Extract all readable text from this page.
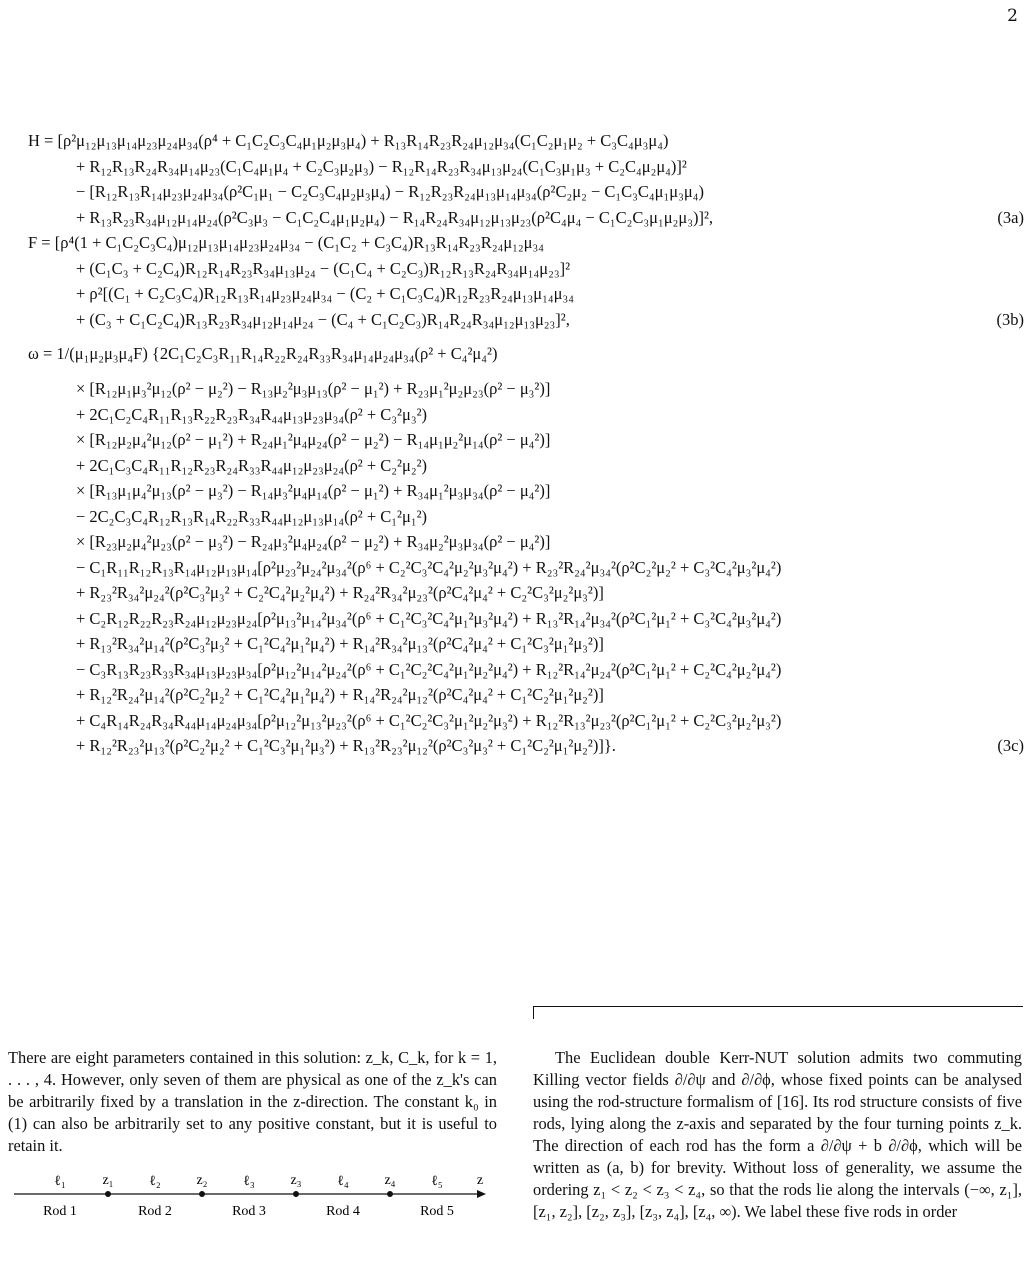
2
H = [ρ²μ₁₂μ₁₃μ₁₄μ₂₃μ₂₄μ₃₄(ρ⁴ + C₁C₂C₃C₄μ₁μ₂μ₃μ₄) + R₁₃R₁₄R₂₃R₂₄μ₁₂μ₃₄(C₁C₂μ₁μ₂ + C₃C₄μ₃μ₄)
+ R₁₂R₁₃R₂₄R₃₄μ₁₄μ₂₃(C₁C₄μ₁μ₄ + C₂C₃μ₂μ₃) − R₁₂R₁₄R₂₃R₃₄μ₁₃μ₂₄(C₁C₃μ₁μ₃ + C₂C₄μ₂μ₄)]²
− [R₁₂R₁₃R₁₄μ₂₃μ₂₄μ₃₄(ρ²C₁μ₁ − C₂C₃C₄μ₂μ₃μ₄) − R₁₂R₂₃R₂₄μ₁₃μ₁₄μ₃₄(ρ²C₂μ₂ − C₁C₃C₄μ₁μ₃μ₄)
+ R₁₃R₂₃R₃₄μ₁₂μ₁₄μ₂₄(ρ²C₃μ₃ − C₁C₂C₄μ₁μ₂μ₄) − R₁₄R₂₄R₃₄μ₁₂μ₁₃μ₂₃(ρ²C₄μ₄ − C₁C₂C₃μ₁μ₂μ₃)]²,	(3a)
F = [ρ⁴(1 + C₁C₂C₃C₄)μ₁₂μ₁₃μ₁₄μ₂₃μ₂₄μ₃₄ − (C₁C₂ + C₃C₄)R₁₃R₁₄R₂₃R₂₄μ₁₂μ₃₄
+ (C₁C₃ + C₂C₄)R₁₂R₁₄R₂₃R₃₄μ₁₃μ₂₄ − (C₁C₄ + C₂C₃)R₁₂R₁₃R₂₄R₃₄μ₁₄μ₂₃]²
+ ρ²[(C₁ + C₂C₃C₄)R₁₂R₁₃R₁₄μ₂₃μ₂₄μ₃₄ − (C₂ + C₁C₃C₄)R₁₂R₂₃R₂₄μ₁₃μ₁₄μ₃₄
+ (C₃ + C₁C₂C₄)R₁₃R₂₃R₃₄μ₁₂μ₁₄μ₂₄ − (C₄ + C₁C₂C₃)R₁₄R₂₄R₃₄μ₁₂μ₁₃μ₂₃]²,	(3b)
ω = 1/(μ₁μ₂μ₃μ₄F) {2C₁C₂C₃R₁₁R₁₄R₂₂R₂₄R₃₃R₃₄μ₁₄μ₂₄μ₃₄(ρ² + C₄²μ₄²)
× [R₁₂μ₁μ₃²μ₁₂(ρ² − μ₂²) − R₁₃μ₂²μ₃μ₁₃(ρ² − μ₁²) + R₂₃μ₁²μ₂μ₂₃(ρ² − μ₃²)]
+ 2C₁C₂C₄R₁₁R₁₃R₂₂R₂₃R₃₄R₄₄μ₁₃μ₂₃μ₃₄(ρ² + C₃²μ₃²)
× [R₁₂μ₂μ₄²μ₁₂(ρ² − μ₁²) + R₂₄μ₁²μ₄μ₂₄(ρ² − μ₂²) − R₁₄μ₁μ₂²μ₁₄(ρ² − μ₄²)]
+ 2C₁C₃C₄R₁₁R₁₂R₂₃R₂₄R₃₃R₄₄μ₁₂μ₂₃μ₂₄(ρ² + C₂²μ₂²)
× [R₁₃μ₁μ₄²μ₁₃(ρ² − μ₃²) − R₁₄μ₃²μ₄μ₁₄(ρ² − μ₁²) + R₃₄μ₁²μ₃μ₃₄(ρ² − μ₄²)]
− 2C₂C₃C₄R₁₂R₁₃R₁₄R₂₂R₃₃R₄₄μ₁₂μ₁₃μ₁₄(ρ² + C₁²μ₁²)
× [R₂₃μ₂μ₄²μ₂₃(ρ² − μ₃²) − R₂₄μ₃²μ₄μ₂₄(ρ² − μ₂²) + R₃₄μ₂²μ₃μ₃₄(ρ² − μ₄²)]
− C₁R₁₁R₁₂R₁₃R₁₄μ₁₂μ₁₃μ₁₄[ρ²μ₂₃²μ₂₄²μ₃₄²(ρ⁶ + C₂²C₃²C₄²μ₂²μ₃²μ₄²) + R₂₃²R₂₄²μ₃₄²(ρ²C₂²μ₂² + C₃²C₄²μ₃²μ₄²)
+ R₂₃²R₃₄²μ₂₄²(ρ²C₃²μ₃² + C₂²C₄²μ₂²μ₄²) + R₂₄²R₃₄²μ₂₃²(ρ²C₄²μ₄² + C₂²C₃²μ₂²μ₃²)]
+ C₂R₁₂R₂₂R₂₃R₂₄μ₁₂μ₂₃μ₂₄[ρ²μ₁₃²μ₁₄²μ₃₄²(ρ⁶ + C₁²C₃²C₄²μ₁²μ₃²μ₄²) + R₁₃²R₁₄²μ₃₄²(ρ²C₁²μ₁² + C₃²C₄²μ₃²μ₄²)
+ R₁₃²R₃₄²μ₁₄²(ρ²C₃²μ₃² + C₁²C₄²μ₁²μ₄²) + R₁₄²R₃₄²μ₁₃²(ρ²C₄²μ₄² + C₁²C₃²μ₁²μ₃²)]
− C₃R₁₃R₂₃R₃₃R₃₄μ₁₃μ₂₃μ₃₄[ρ²μ₁₂²μ₁₄²μ₂₄²(ρ⁶ + C₁²C₂²C₄²μ₁²μ₂²μ₄²) + R₁₂²R₁₄²μ₂₄²(ρ²C₁²μ₁² + C₂²C₄²μ₂²μ₄²)
+ R₁₂²R₂₄²μ₁₄²(ρ²C₂²μ₂² + C₁²C₄²μ₁²μ₄²) + R₁₄²R₂₄²μ₁₂²(ρ²C₄²μ₄² + C₁²C₂²μ₁²μ₂²)]
+ C₄R₁₄R₂₄R₃₄R₄₄μ₁₄μ₂₄μ₃₄[ρ²μ₁₂²μ₁₃²μ₂₃²(ρ⁶ + C₁²C₂²C₃²μ₁²μ₂²μ₃²) + R₁₂²R₁₃²μ₂₃²(ρ²C₁²μ₁² + C₂²C₃²μ₂²μ₃²)
+ R₁₂²R₂₃²μ₁₃²(ρ²C₂²μ₂² + C₁²C₃²μ₁²μ₃²) + R₁₃²R₂₃²μ₁₂²(ρ²C₃²μ₃² + C₁²C₂²μ₁²μ₂²)]}.	(3c)

There are eight parameters contained in this solution: z_k, C_k, for k = 1, . . . , 4. However, only seven of them are physical as one of the z_k's can be arbitrarily fixed by a translation in the z-direction. The constant k₀ in (1) can also be arbitrarily set to any positive constant, but it is useful to retain it.

The Euclidean double Kerr-NUT solution admits two commuting Killing vector fields ∂/∂ψ and ∂/∂ϕ, whose fixed points can be analysed using the rod-structure formalism of [16]. Its rod structure consists of five rods, lying along the z-axis and separated by the four turning points z_k. The direction of each rod has the form a ∂/∂ψ + b ∂/∂ϕ, which will be written as (a, b) for brevity. Without loss of generality, we assume the ordering z₁ < z₂ < z₃ < z₄, so that the rods lie along the intervals (−∞, z₁], [z₁, z₂], [z₂, z₃], [z₃, z₄], [z₄, ∞). We label these five rods in order

z₁	z₂	z₃	z₄
ℓ₁	ℓ₂	ℓ₃	ℓ₄	ℓ₅
Rod 1	Rod 2	Rod 3	Rod 4	Rod 5
z
